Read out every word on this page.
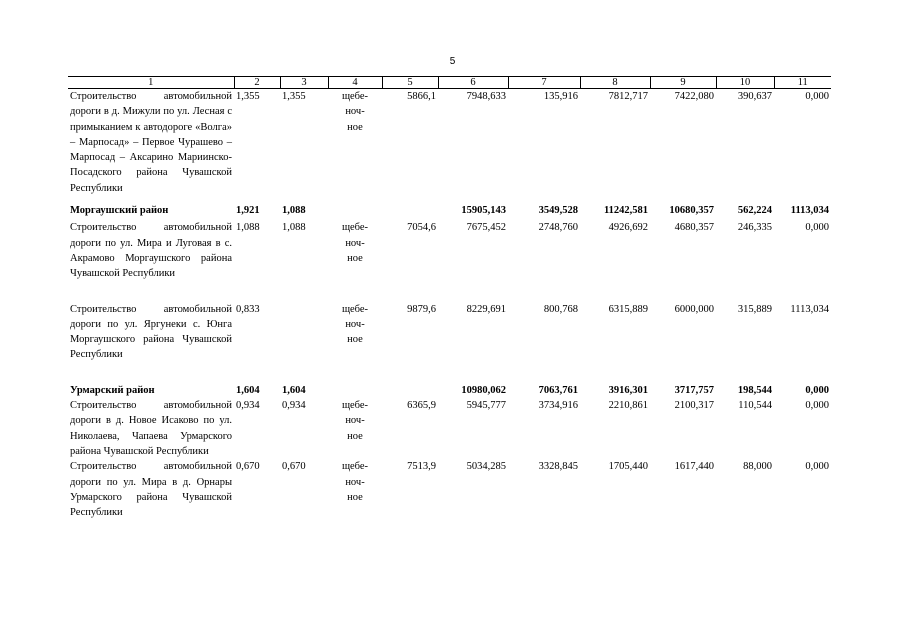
5
1	2	3	4	5	6	7	8	9	10	11
Строительство автомобильной дороги в д. Мижули по ул. Лесная с примыканием к автодороге «Волга» – Марпосад» – Первое Чурашево – Марпосад – Аксарино Мариинско-Посадского района Чувашской Республики	1,355	1,355	щебе-
ноч-
ное	5866,1	7948,633	135,916	7812,717	7422,080	390,637	0,000

Моргаушский район	1,921	1,088			15905,143	3549,528	11242,581	10680,357	562,224	1113,034

Строительство автомобильной дороги по ул. Мира и Луговая в с. Акрамово Моргаушского района Чувашской Республики	1,088	1,088	щебе-
ноч-
ное	7054,6	7675,452	2748,760	4926,692	4680,357	246,335	0,000

Строительство автомобильной дороги по ул. Яргунеки с. Юнга Моргаушского района Чувашской Республики	0,833		щебе-
ноч-
ное	9879,6	8229,691	800,768	6315,889	6000,000	315,889	1113,034

Урмарский район	1,604	1,604			10980,062	7063,761	3916,301	3717,757	198,544	0,000
Строительство автомобильной дороги в д. Новое Исаково по ул. Николаева, Чапаева Урмарского района Чувашской Республики	0,934	0,934	щебе-
ноч-
ное	6365,9	5945,777	3734,916	2210,861	2100,317	110,544	0,000
Строительство автомобильной дороги по ул. Мира в д. Орнары Урмарского района Чувашской Республики	0,670	0,670	щебе-
ноч-
ное	7513,9	5034,285	3328,845	1705,440	1617,440	88,000	0,000
